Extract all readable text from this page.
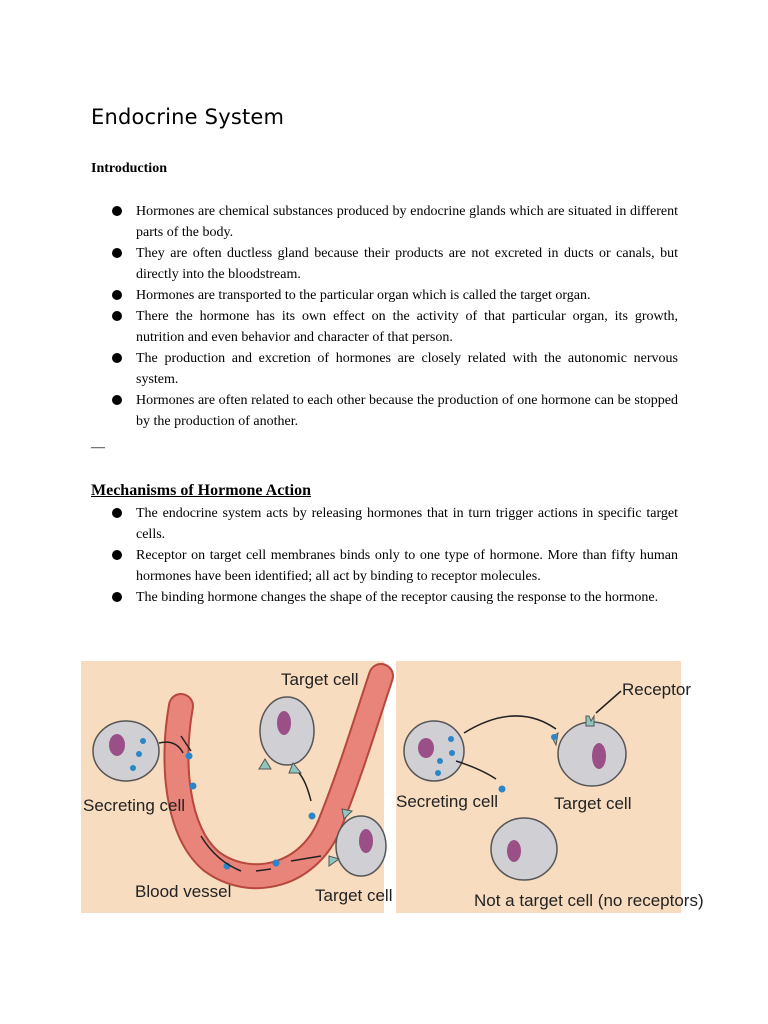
Endocrine System
Introduction
Hormones are chemical substances produced by endocrine glands which are situated in different parts of the body.
They are often ductless gland because their products are not excreted in ducts or canals, but directly into the bloodstream.
Hormones are transported to the particular organ which is called the target organ.
There the hormone has its own effect on the activity of that particular organ, its growth, nutrition and even behavior and character of that person.
The production and excretion of hormones are closely related with the autonomic nervous system.
Hormones are often related to each other because the production of one hormone can be stopped by the production of another.
—
Mechanisms of Hormone Action
The endocrine system acts by releasing hormones that in turn trigger actions in specific target cells.
Receptor on target cell membranes binds only to one type of hormone. More than fifty human hormones have been identified; all act by binding to receptor molecules.
The binding hormone changes the shape of the receptor causing the response to the hormone.
Target cell
Secreting cell
Blood vessel	Target cell
Receptor
Secreting cell	Target cell
Not a target cell (no receptors)
